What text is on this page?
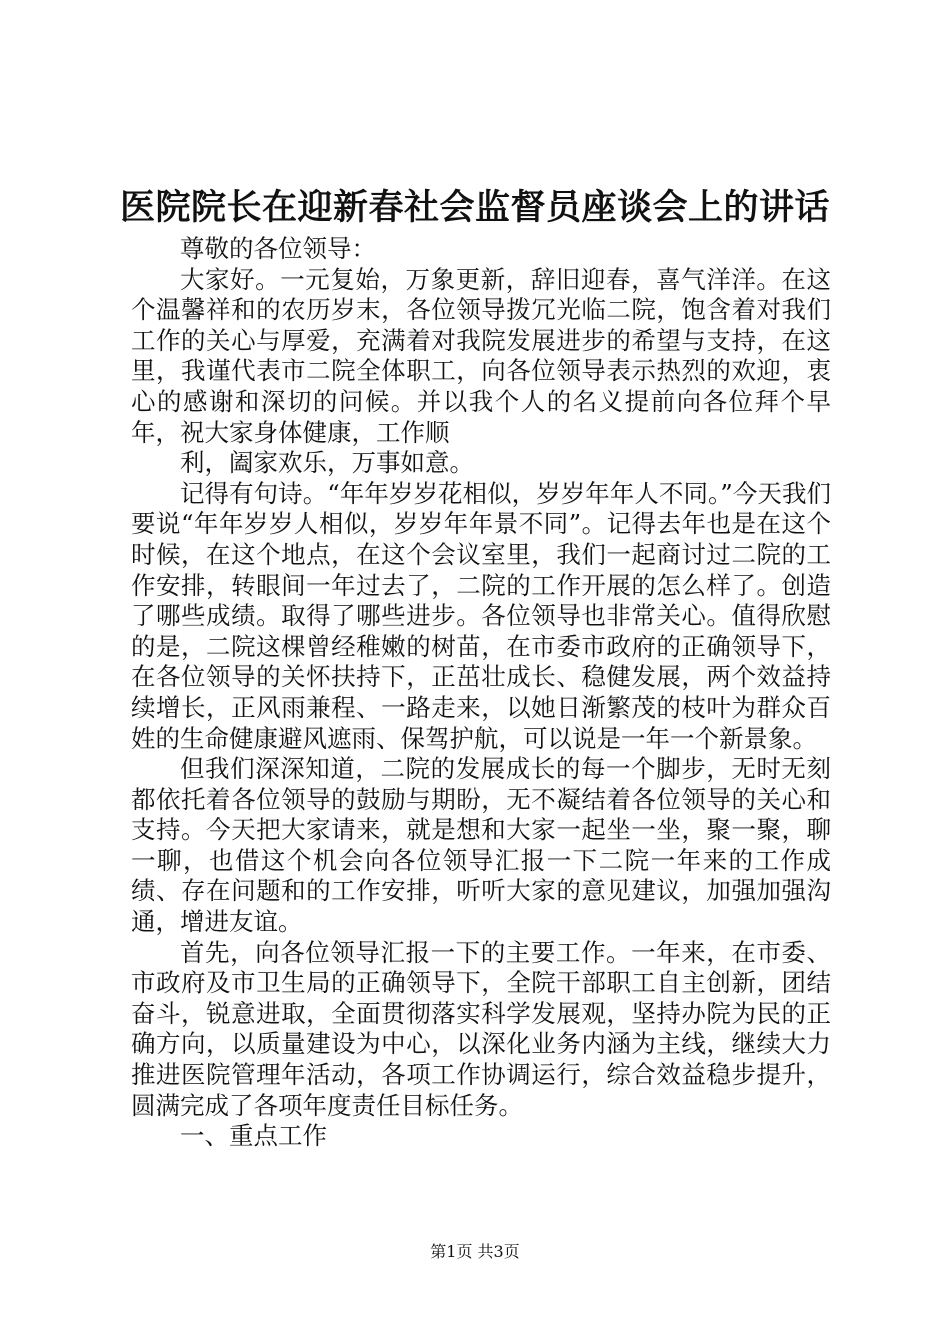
医院院长在迎新春社会监督员座谈会上的讲话

尊敬的各位领导：

大家好。一元复始，万象更新，辞旧迎春，喜气洋洋。在这个温馨祥和的农历岁末，各位领导拨冗光临二院，饱含着对我们工作的关心与厚爱，充满着对我院发展进步的希望与支持，在这里，我谨代表市二院全体职工，向各位领导表示热烈的欢迎，衷心的感谢和深切的问候。并以我个人的名义提前向各位拜个早年，祝大家身体健康，工作顺

利，阖家欢乐，万事如意。

记得有句诗。“年年岁岁花相似，岁岁年年人不同。”今天我们要说“年年岁岁人相似，岁岁年年景不同”。记得去年也是在这个时候，在这个地点，在这个会议室里，我们一起商讨过二院的工作安排，转眼间一年过去了，二院的工作开展的怎么样了。创造了哪些成绩。取得了哪些进步。各位领导也非常关心。值得欣慰的是，二院这棵曾经稚嫩的树苗，在市委市政府的正确领导下，在各位领导的关怀扶持下，正茁壮成长、稳健发展，两个效益持续增长，正风雨兼程、一路走来，以她日渐繁茂的枝叶为群众百姓的生命健康避风遮雨、保驾护航，可以说是一年一个新景象。

但我们深深知道，二院的发展成长的每一个脚步，无时无刻都依托着各位领导的鼓励与期盼，无不凝结着各位领导的关心和支持。今天把大家请来，就是想和大家一起坐一坐，聚一聚，聊一聊，也借这个机会向各位领导汇报一下二院一年来的工作成绩、存在问题和的工作安排，听听大家的意见建议，加强加强沟通，增进友谊。

首先，向各位领导汇报一下的主要工作。一年来，在市委、市政府及市卫生局的正确领导下，全院干部职工自主创新，团结奋斗，锐意进取，全面贯彻落实科学发展观，坚持办院为民的正确方向，以质量建设为中心，以深化业务内涵为主线，继续大力推进医院管理年活动，各项工作协调运行，综合效益稳步提升，圆满完成了各项年度责任目标任务。

一、重点工作

第1页 共3页
